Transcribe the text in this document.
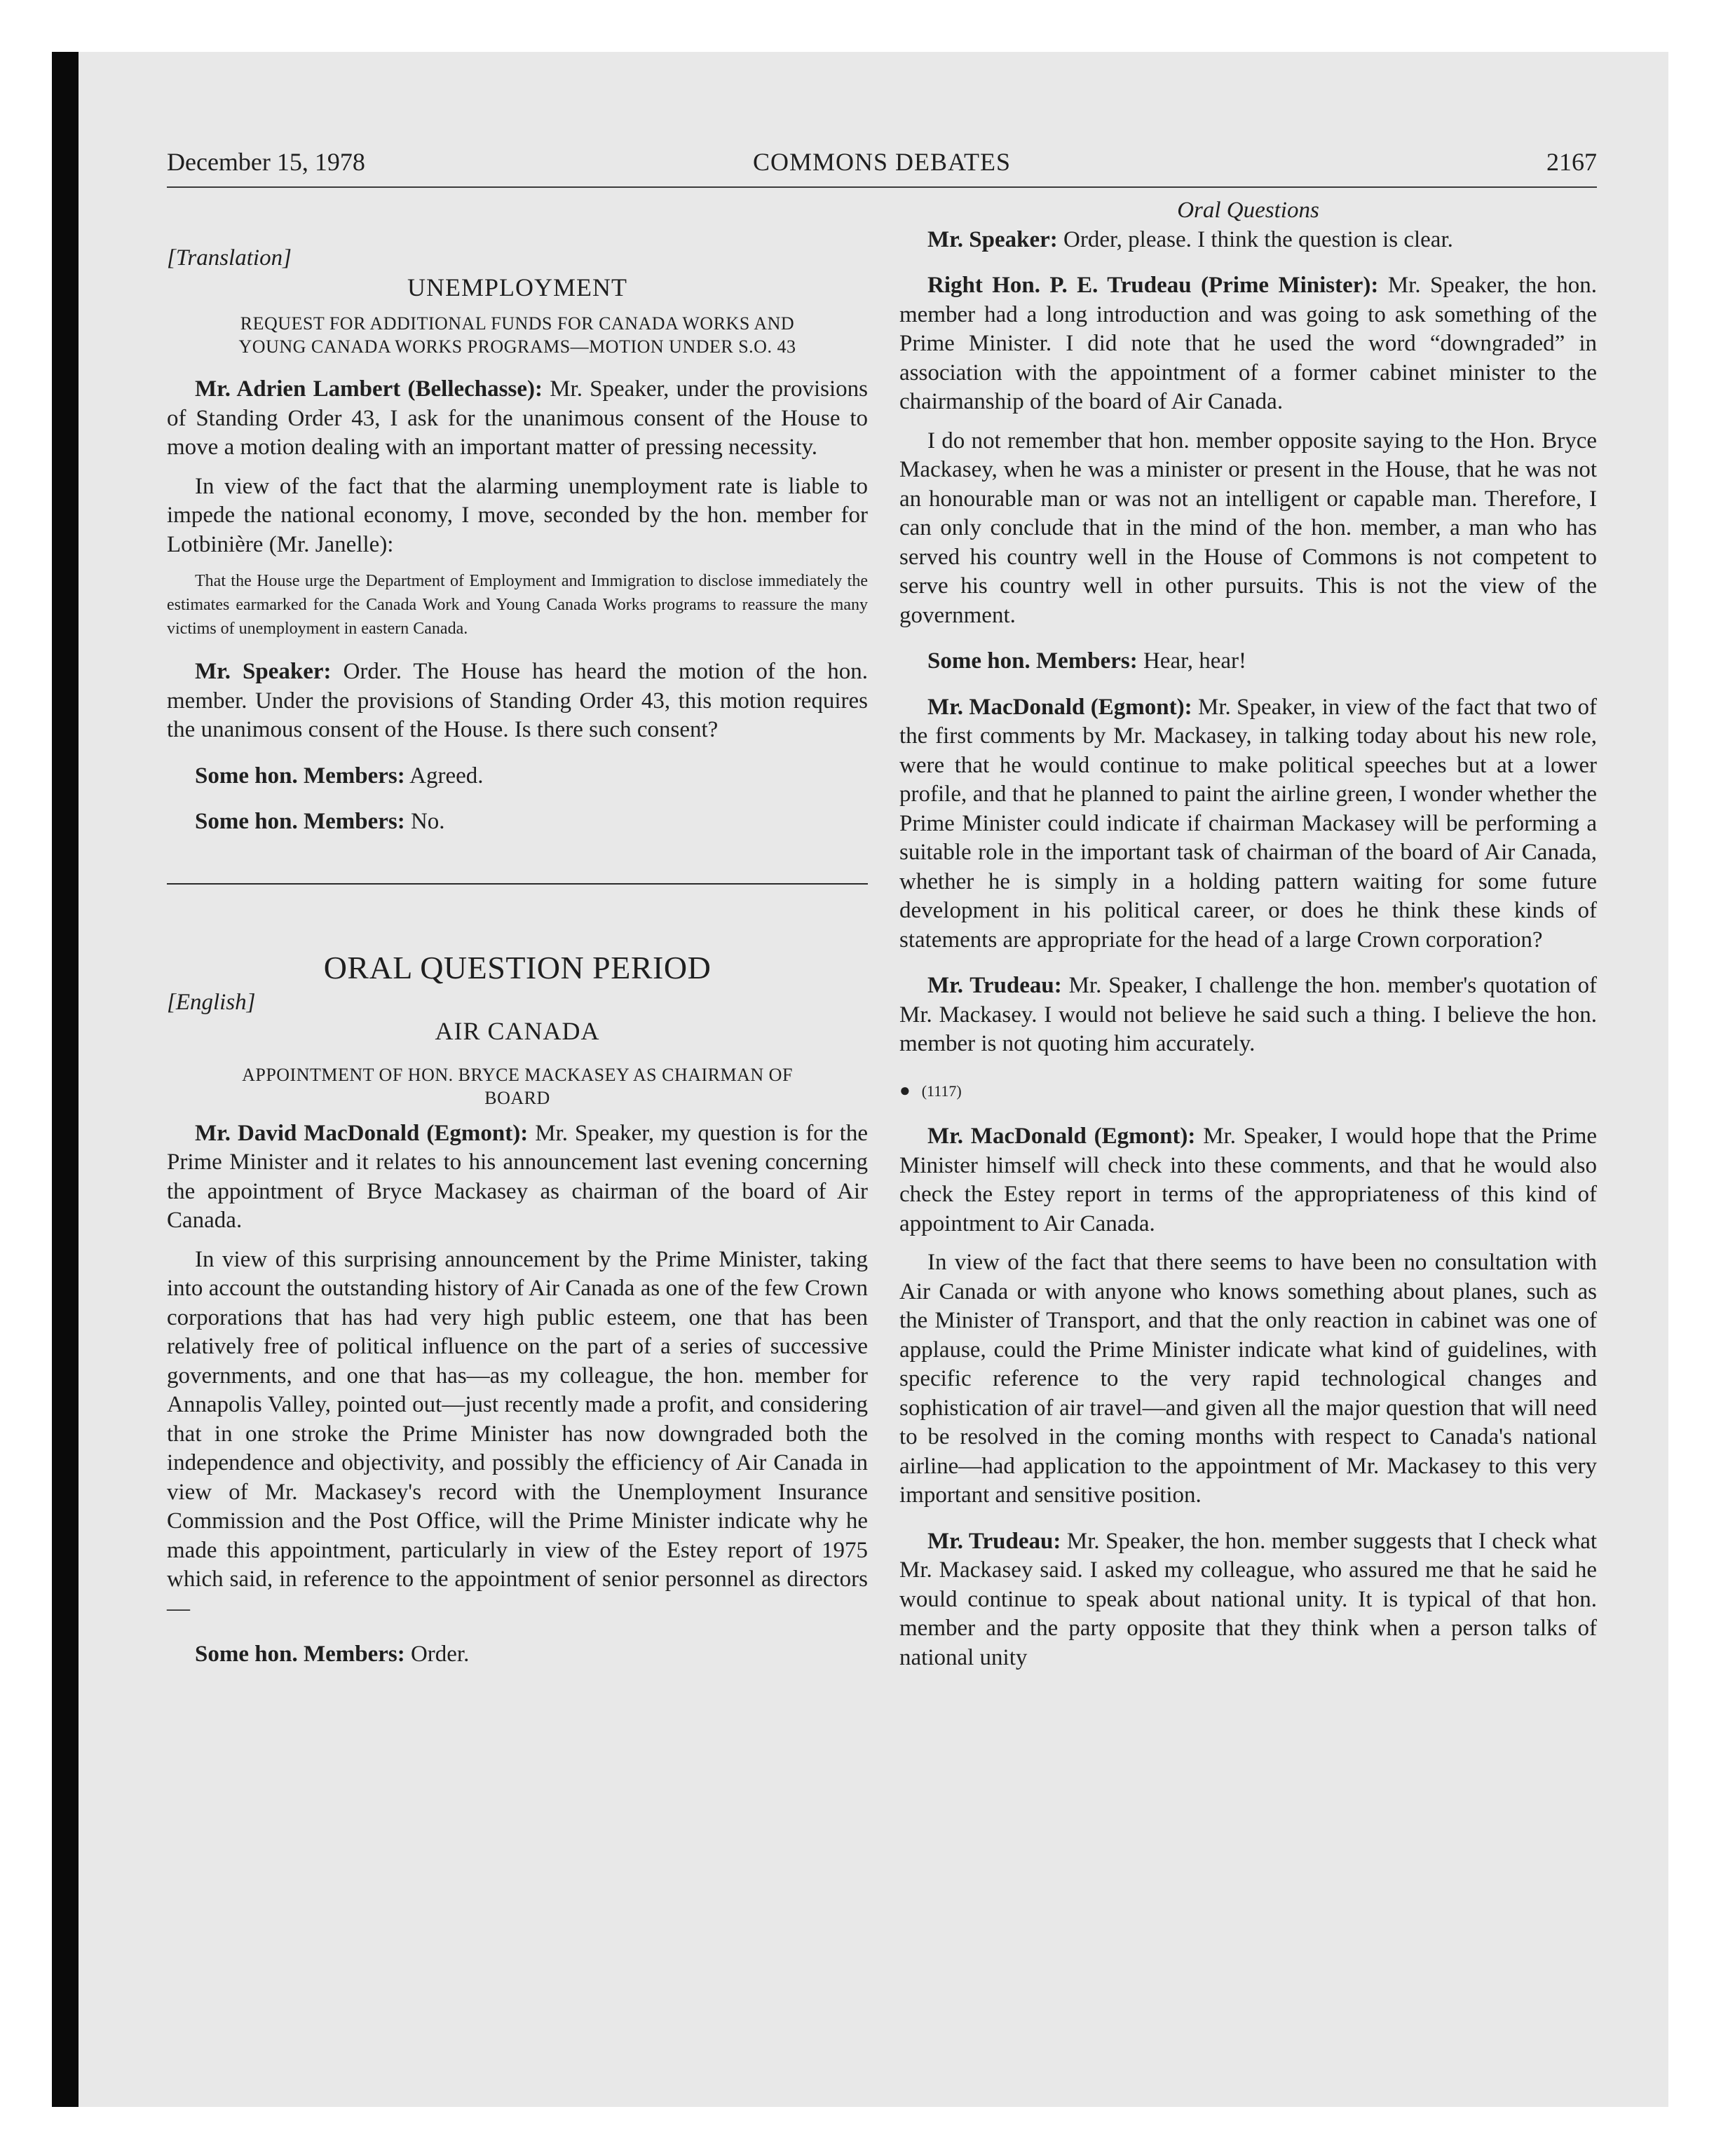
December 15, 1978	COMMONS DEBATES	2167
[Translation]
UNEMPLOYMENT
REQUEST FOR ADDITIONAL FUNDS FOR CANADA WORKS AND
YOUNG CANADA WORKS PROGRAMS—MOTION UNDER S.O. 43

Mr. Adrien Lambert (Bellechasse): Mr. Speaker, under the provisions of Standing Order 43, I ask for the unanimous consent of the House to move a motion dealing with an important matter of pressing necessity.

In view of the fact that the alarming unemployment rate is liable to impede the national economy, I move, seconded by the hon. member for Lotbinière (Mr. Janelle):

That the House urge the Department of Employment and Immigration to disclose immediately the estimates earmarked for the Canada Work and Young Canada Works programs to reassure the many victims of unemployment in eastern Canada.

Mr. Speaker: Order. The House has heard the motion of the hon. member. Under the provisions of Standing Order 43, this motion requires the unanimous consent of the House. Is there such consent?

Some hon. Members: Agreed.

Some hon. Members: No.

ORAL QUESTION PERIOD
[English]
AIR CANADA
APPOINTMENT OF HON. BRYCE MACKASEY AS CHAIRMAN OF
BOARD

Mr. David MacDonald (Egmont): Mr. Speaker, my question is for the Prime Minister and it relates to his announcement last evening concerning the appointment of Bryce Mackasey as chairman of the board of Air Canada.

In view of this surprising announcement by the Prime Minister, taking into account the outstanding history of Air Canada as one of the few Crown corporations that has had very high public esteem, one that has been relatively free of political influence on the part of a series of successive governments, and one that has—as my colleague, the hon. member for Annapolis Valley, pointed out—just recently made a profit, and considering that in one stroke the Prime Minister has now downgraded both the independence and objectivity, and possibly the efficiency of Air Canada in view of Mr. Mackasey's record with the Unemployment Insurance Commission and the Post Office, will the Prime Minister indicate why he made this appointment, particularly in view of the Estey report of 1975 which said, in reference to the appointment of senior personnel as directors—

Some hon. Members: Order.

Oral Questions

Mr. Speaker: Order, please. I think the question is clear.

Right Hon. P. E. Trudeau (Prime Minister): Mr. Speaker, the hon. member had a long introduction and was going to ask something of the Prime Minister. I did note that he used the word “downgraded” in association with the appointment of a former cabinet minister to the chairmanship of the board of Air Canada.

I do not remember that hon. member opposite saying to the Hon. Bryce Mackasey, when he was a minister or present in the House, that he was not an honourable man or was not an intelligent or capable man. Therefore, I can only conclude that in the mind of the hon. member, a man who has served his country well in the House of Commons is not competent to serve his country well in other pursuits. This is not the view of the government.

Some hon. Members: Hear, hear!

Mr. MacDonald (Egmont): Mr. Speaker, in view of the fact that two of the first comments by Mr. Mackasey, in talking today about his new role, were that he would continue to make political speeches but at a lower profile, and that he planned to paint the airline green, I wonder whether the Prime Minister could indicate if chairman Mackasey will be performing a suitable role in the important task of chairman of the board of Air Canada, whether he is simply in a holding pattern waiting for some future development in his political career, or does he think these kinds of statements are appropriate for the head of a large Crown corporation?

Mr. Trudeau: Mr. Speaker, I challenge the hon. member's quotation of Mr. Mackasey. I would not believe he said such a thing. I believe the hon. member is not quoting him accurately.

● (1117)

Mr. MacDonald (Egmont): Mr. Speaker, I would hope that the Prime Minister himself will check into these comments, and that he would also check the Estey report in terms of the appropriateness of this kind of appointment to Air Canada.

In view of the fact that there seems to have been no consultation with Air Canada or with anyone who knows something about planes, such as the Minister of Transport, and that the only reaction in cabinet was one of applause, could the Prime Minister indicate what kind of guidelines, with specific reference to the very rapid technological changes and sophistication of air travel—and given all the major question that will need to be resolved in the coming months with respect to Canada's national airline—had application to the appointment of Mr. Mackasey to this very important and sensitive position.

Mr. Trudeau: Mr. Speaker, the hon. member suggests that I check what Mr. Mackasey said. I asked my colleague, who assured me that he said he would continue to speak about national unity. It is typical of that hon. member and the party opposite that they think when a person talks of national unity
